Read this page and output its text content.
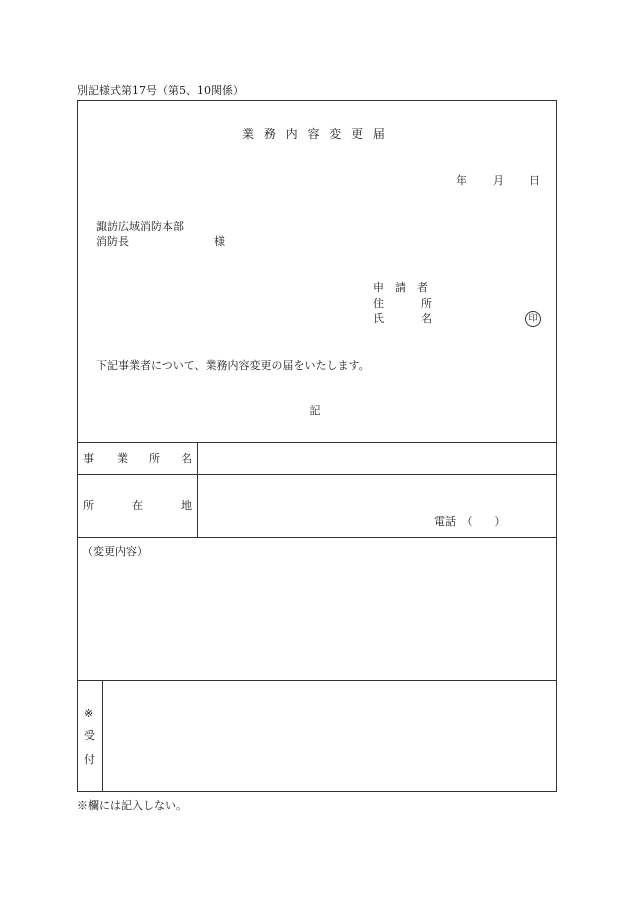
別記様式第17号（第5、10関係）
業 務 内 容 変 更 届
年 月 日
諏訪広域消防本部
消防長	様
申　請　者
住	所
氏	名	印
下記事業者について、業務内容変更の届をいたします。
記
事 業 所 名
所	在	地
電話　（　　）
（変更内容）
※
受
付
※欄には記入しない。
